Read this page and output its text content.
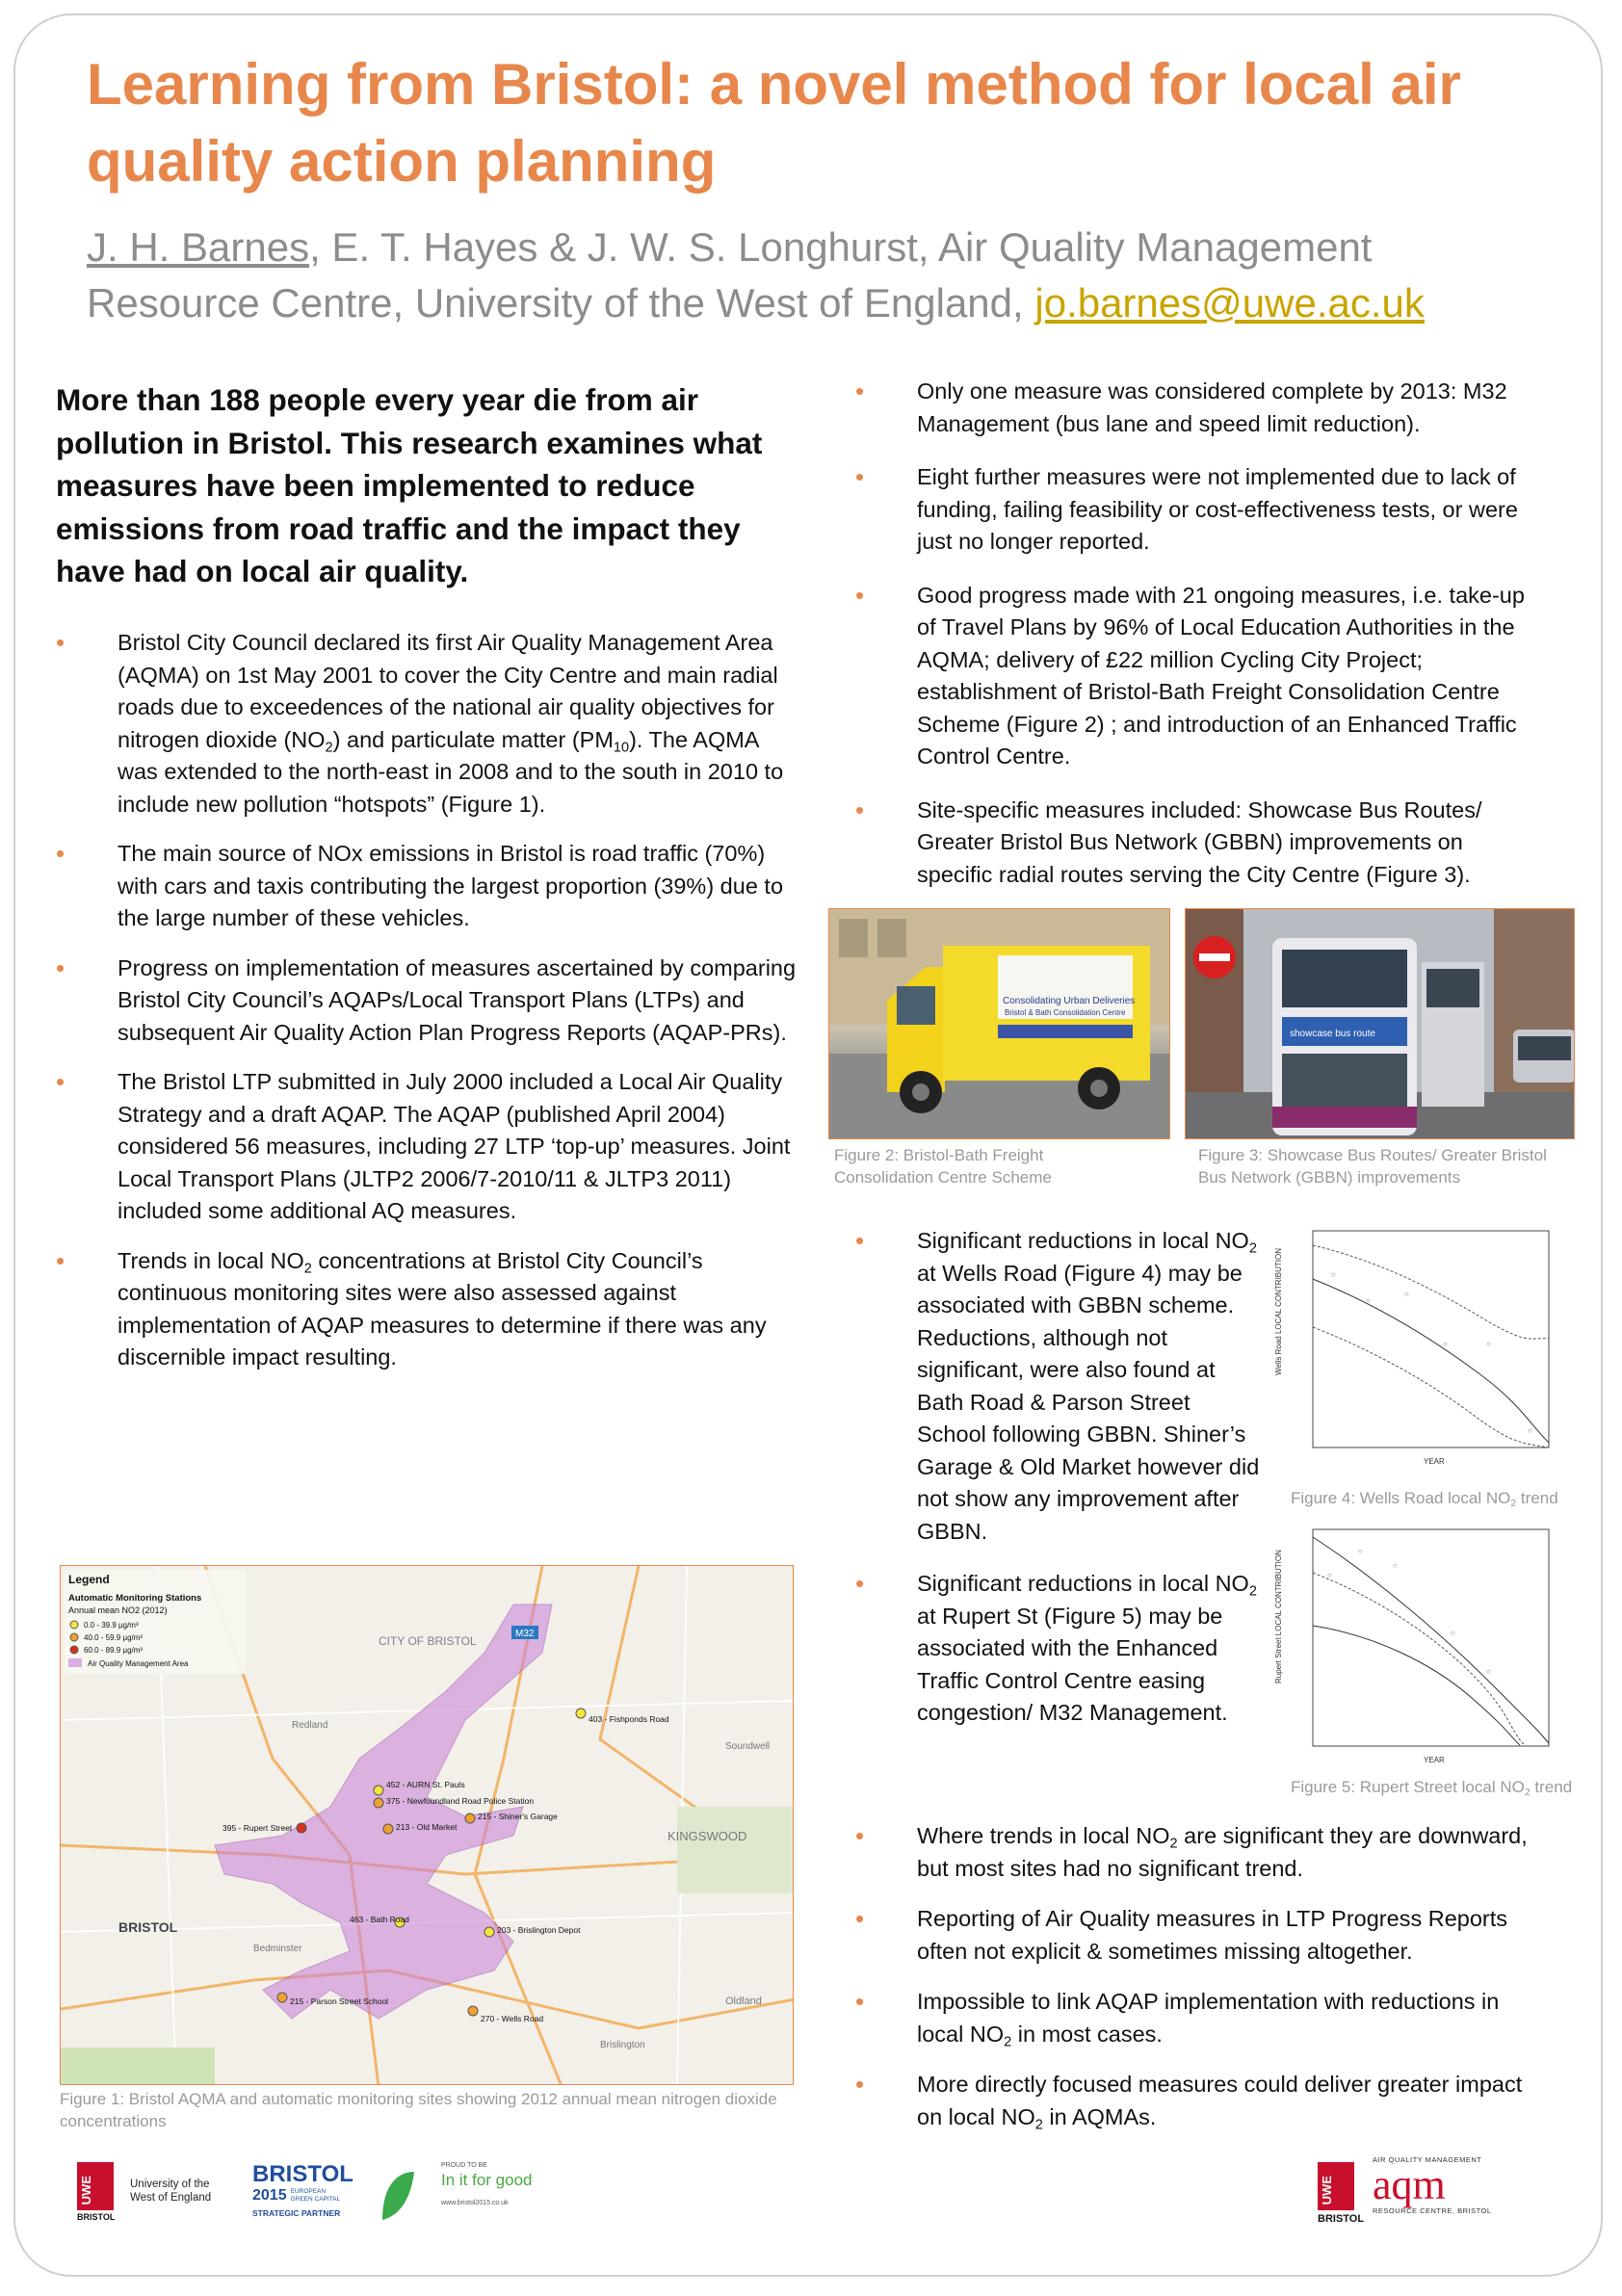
Learning from Bristol: a novel method for local air quality action planning
J. H. Barnes, E. T. Hayes & J. W. S. Longhurst, Air Quality Management Resource Centre, University of the West of England, jo.barnes@uwe.ac.uk
More than 188 people every year die from air pollution in Bristol. This research examines what measures have been implemented to reduce emissions from road traffic and the impact they have had on local air quality.
• Bristol City Council declared its first Air Quality Management Area (AQMA) on 1st May 2001 to cover the City Centre and main radial roads due to exceedences of the national air quality objectives for nitrogen dioxide $(NO_2)$ and particulate matter $(PM_{10})$. The AQMA was extended to the north-east in 2008 and to the south in 2010 to include new pollution “hotspots” (Figure 1).
• The main source of NOx emissions in Bristol is road traffic (70%) with cars and taxis contributing the largest proportion (39%) due to the large number of these vehicles.
• Progress on implementation of measures ascertained by comparing Bristol City Council’s AQAPs/Local Transport Plans (LTPs) and subsequent Air Quality Action Plan Progress Reports (AQAP-PRs).
• The Bristol LTP submitted in July 2000 included a Local Air Quality Strategy and a draft AQAP. The AQAP (published April 2004) considered 56 measures, including 27 LTP ‘top-up’ measures. Joint Local Transport Plans (JLTP2 2006/7-2010/11 & JLTP3 2011) included some additional AQ measures.
• Trends in local $NO_2$ concentrations at Bristol City Council’s continuous monitoring sites were also assessed against implementation of AQAP measures to determine if there was any discernible impact resulting.
• Only one measure was considered complete by 2013: M32 Management (bus lane and speed limit reduction).
• Eight further measures were not implemented due to lack of funding, failing feasibility or cost-effectiveness tests, or were just no longer reported.
• Good progress made with 21 ongoing measures, i.e. take-up of Travel Plans by 96% of Local Education Authorities in the AQMA; delivery of £22 million Cycling City Project; establishment of Bristol-Bath Freight Consolidation Centre Scheme (Figure 2) ; and introduction of an Enhanced Traffic Control Centre.
• Site-specific measures included: Showcase Bus Routes/ Greater Bristol Bus Network (GBBN) improvements on specific radial routes serving the City Centre (Figure 3).
Consolidating Urban Deliveries
Bristol & Bath Consolidation Centre
Figure 2: Bristol-Bath Freight Consolidation Centre Scheme
showcase bus route
Figure 3: Showcase Bus Routes/ Greater Bristol Bus Network (GBBN) improvements
• Significant reductions in local $NO_2$ at Wells Road (Figure 4) may be associated with GBBN scheme. Reductions, although not significant, were also found at Bath Road & Parson Street School following GBBN. Shiner’s Garage & Old Market however did not show any improvement after GBBN.
• Significant reductions in local $NO_2$ at Rupert St (Figure 5) may be associated with the Enhanced Traffic Control Centre easing congestion/ M32 Management.
Wells Road LOCAL CONTRIBUTION	○
○
○
○	○
○
YEAR
Figure 4: Wells Road local $NO_2$ trend
Rupert Street LOCAL CONTRIBUTION	○
○
○
○
○
YEAR
Figure 5: Rupert Street local $NO_2$ trend
• Where trends in local $NO_2$ are significant they are downward, but most sites had no significant trend.
• Reporting of Air Quality measures in LTP Progress Reports often not explicit & sometimes missing altogether.
• Impossible to link AQAP implementation with reductions in local $NO_2$ in most cases.
• More directly focused measures could deliver greater impact on local $NO_2$ in AQMAs.
M32
CITY OF BRISTOL
BRISTOL
KINGSWOOD
Redland
Oldland
Brislington
Bedminster
Soundwell
403 - Fishponds Road
452 - AURN St. Pauls
375 - Newfoundland Road Police Station
215 - Shiner's Garage
395 - Rupert Street	213 - Old Market
463 - Bath Road
203 - Brislington Depot
215 - Parson Street School
270 - Wells Road
Legend
Automatic Monitoring Stations
Annual mean NO2 (2012)
0.0 - 39.9 µg/m³
40.0 - 59.9 µg/m³
60.0 - 89.9 µg/m³
Air Quality Management Area
Figure 1: Bristol AQMA and automatic monitoring sites showing 2012 annual mean nitrogen dioxide concentrations
UWE
BRISTOL
University of the West of England
BRISTOL
2015 EUROPEAN GREEN CAPITAL
STRATEGIC PARTNER
PROUD TO BE
In it for good
www.bristol2015.co.uk	UWE
BRISTOL
AIR QUALITY MANAGEMENT
aqm
RESOURCE CENTRE, BRISTOL
